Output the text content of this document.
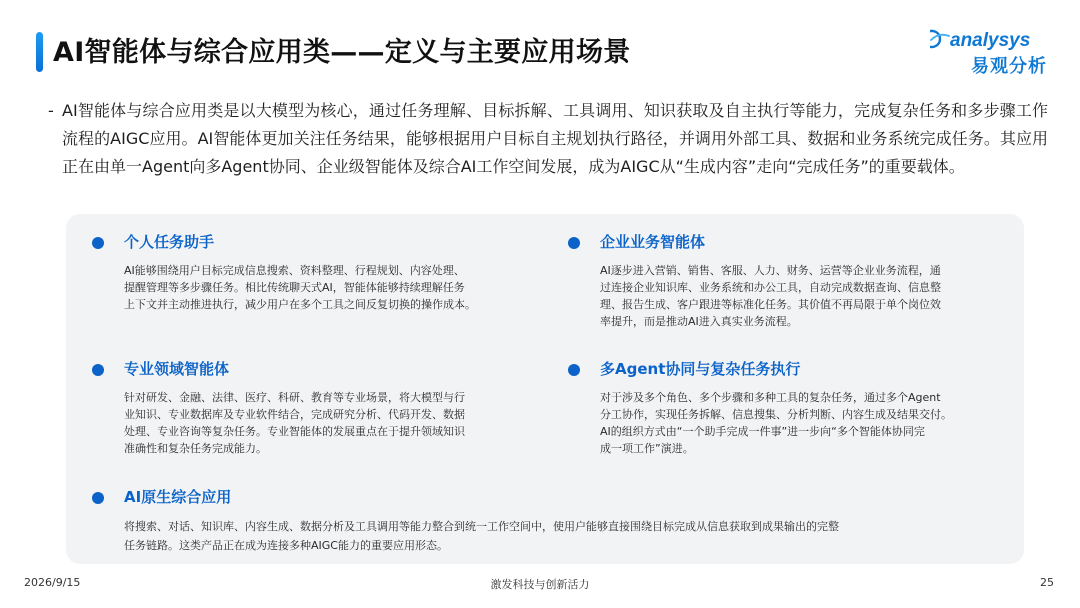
AI智能体与综合应用类——定义与主要应用场景	analysys
易观分析
- AI智能体与综合应用类是以大模型为核心，通过任务理解、目标拆解、工具调用、知识获取及自主执行等能力，完成复杂任务和多步骤工作流程的AIGC应用。AI智能体更加关注任务结果，能够根据用户目标自主规划执行路径，并调用外部工具、数据和业务系统完成任务。其应用正在由单一Agent向多Agent协同、企业级智能体及综合AI工作空间发展，成为AIGC从“生成内容”走向“完成任务”的重要载体。
个人任务助手
AI能够围绕用户目标完成信息搜索、资料整理、行程规划、内容处理、
提醒管理等多步骤任务。相比传统聊天式AI，智能体能够持续理解任务
上下文并主动推进执行，减少用户在多个工具之间反复切换的操作成本。
企业业务智能体
AI逐步进入营销、销售、客服、人力、财务、运营等企业业务流程，通
过连接企业知识库、业务系统和办公工具，自动完成数据查询、信息整
理、报告生成、客户跟进等标准化任务。其价值不再局限于单个岗位效
率提升，而是推动AI进入真实业务流程。
专业领域智能体
针对研发、金融、法律、医疗、科研、教育等专业场景，将大模型与行
业知识、专业数据库及专业软件结合，完成研究分析、代码开发、数据
处理、专业咨询等复杂任务。专业智能体的发展重点在于提升领域知识
准确性和复杂任务完成能力。
多Agent协同与复杂任务执行
对于涉及多个角色、多个步骤和多种工具的复杂任务，通过多个Agent
分工协作，实现任务拆解、信息搜集、分析判断、内容生成及结果交付。
AI的组织方式由“一个助手完成一件事”进一步向“多个智能体协同完
成一项工作”演进。
AI原生综合应用
将搜索、对话、知识库、内容生成、数据分析及工具调用等能力整合到统一工作空间中，使用户能够直接围绕目标完成从信息获取到成果输出的完整
任务链路。这类产品正在成为连接多种AIGC能力的重要应用形态。
2026/9/15	激发科技与创新活力	25
